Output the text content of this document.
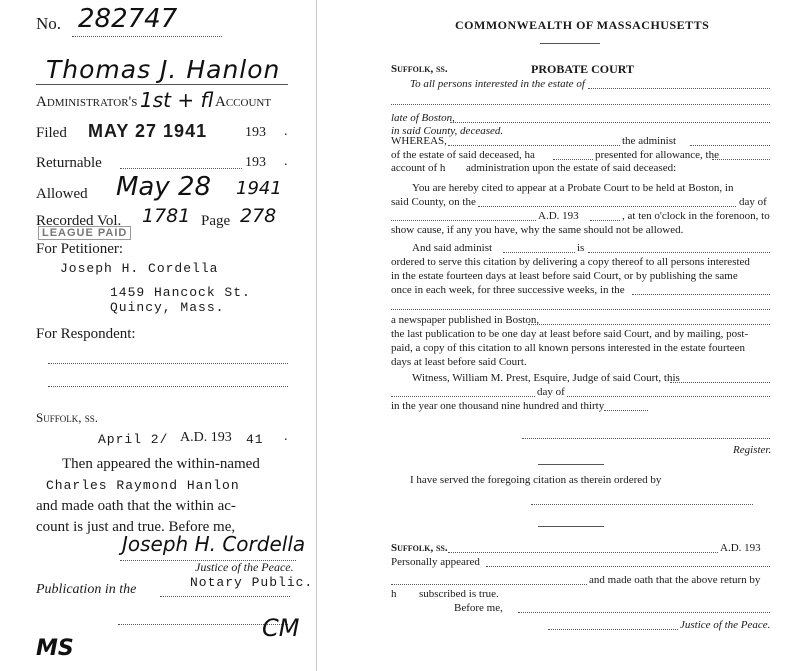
No. 282747
Thomas J. Hanlon
Administrator's 1st + fl Account
Filed MAY 27 1941	193 .
Returnable	193 .
Allowed May 28 1941
Recorded Vol. 1781 Page 278
LEAGUE PAID
For Petitioner:
Joseph H. Cordella
1459 Hancock St.
Quincy, Mass.
For Respondent:
Suffolk, ss.
April 2/ A.D. 193 41 .
Then appeared the within-named
Charles Raymond Hanlon
and made oath that the within ac-
count is just and true. Before me,
Joseph H. Cordella
Justice of the Peace.
Notary Public.
Publication in the
CM
MS
COMMONWEALTH OF MASSACHUSETTS
Suffolk, ss.	PROBATE COURT
To all persons interested in the estate of
late of Boston,
in said County, deceased.
WHEREAS,	the administ
of the estate of said deceased, ha	presented for allowance, the
account of h administration upon the estate of said deceased:
You are hereby cited to appear at a Probate Court to be held at Boston, in
said County, on the	day of
A.D. 193	, at ten o'clock in the forenoon, to
show cause, if any you have, why the same should not be allowed.
And said administ	is
ordered to serve this citation by delivering a copy thereof to all persons interested
in the estate fourteen days at least before said Court, or by publishing the same
once in each week, for three successive weeks, in the
a newspaper published in Boston,
the last publication to be one day at least before said Court, and by mailing, post-
paid, a copy of this citation to all known persons interested in the estate fourteen
days at least before said Court.
Witness, William M. Prest, Esquire, Judge of said Court, this
day of
in the year one thousand nine hundred and thirty
Register.
I have served the foregoing citation as therein ordered by
Suffolk, ss.	A.D. 193
Personally appeared
and made oath that the above return by
h subscribed is true.
Before me,
Justice of the Peace.
